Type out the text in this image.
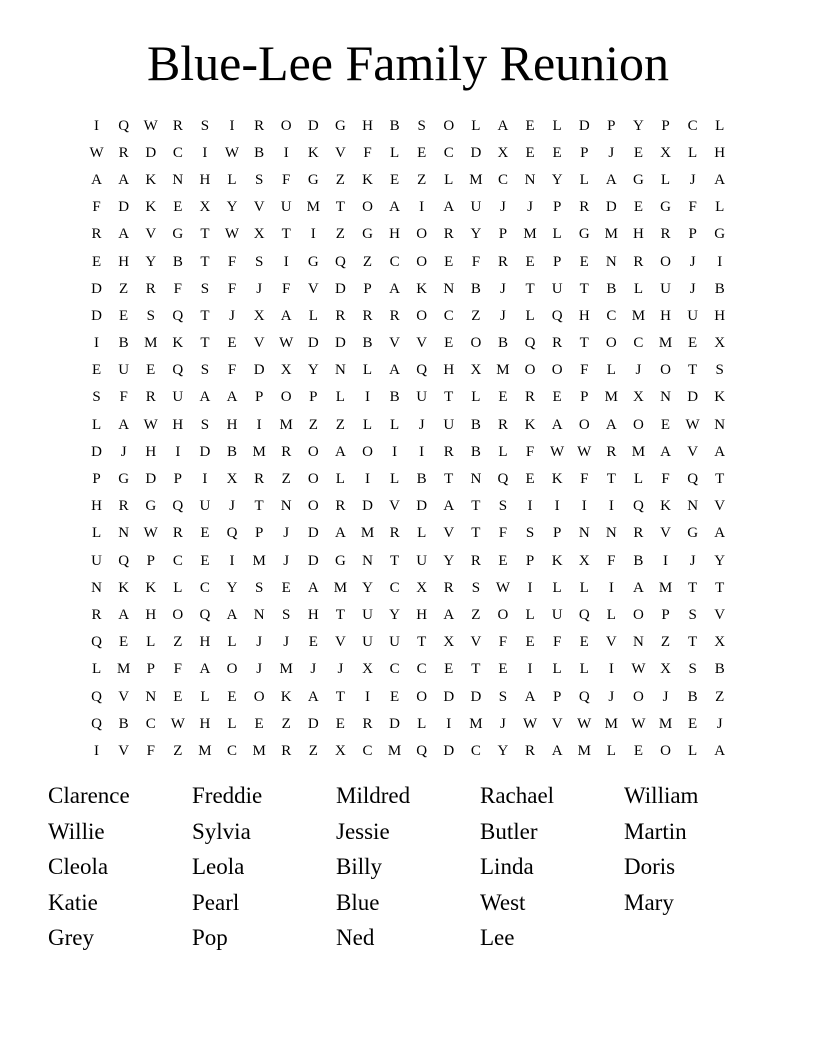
Blue-Lee Family Reunion
I	Q W	R	S	I	R	O	D	G	H	B	S	O	L	A	E	L	D	P	Y	P	C	L
W	R	D	C	I	W	B	I	K	V	F	L	E	C	D	X	E	E	P	J	E	X	L	H
A	A	K	N	H	L	S	F	G	Z	K	E	Z	L	M	C	N	Y	L	A	G	L	J	A
F	D	K	E	X	Y	V	U	M	T	O	A	I	A	U	J	J	P	R	D	E	G	F	L
R	A	V	G	T	W X	T	I	Z	G	H	O	R	Y	P	M	L	G	M	H	R	P	G
E	H	Y	B	T	F	S	I	G	Q	Z	C	O	E	F	R	E	P	E	N	R	O	J	I
D	Z	R	F	S	F	J	F	V	D	P	A	K	N	B	J	T	U	T	B	L	U	J	B
D	E	S	Q	T	J	X	A	L	R	R	R	O	C	Z	J	L	Q	H	C	M	H	U	H
I	B	M	K	T	E	V W D	D	B	V	V	E	O	B	Q	R	T	O	C	M	E	X
E	U	E	Q	S	F	D	X	Y	N	L	A	Q	H	X	M	O	O	F	L	J	O	T	S
S	F	R	U	A	A	P	O	P	L	I	B	U	T	L	E	R	E	P	M	X	N	D	K
L	A W H	S	H	I	M	Z	Z	L	L	J	U	B	R	K	A	O	A	O	E	W N
D	J	H	I	D	B	M	R	O	A	O	I	I	R	B	L	F	W W	R	M	A	V	A
P	G	D	P	I	X	R	Z	O	L	I	L	B	T	N	Q	E	K	F	T	L	F	Q	T
H	R	G	Q	U	J	T	N	O	R	D	V	D	A	T	S	I	I	I	I	Q	K	N	V
L	N W	R	E	Q	P	J	D	A	M	R	L	V	T	F	S	P	N	N	R	V	G	A
U	Q	P	C	E	I	M	J	D	G	N	T	U	Y	R	E	P	K	X	F	B	I	J	Y
N	K	K	L	C	Y	S	E	A	M	Y	C	X	R	S	W	I	L	L	I	A	M	T	T
R	A	H	O	Q	A	N	S	H	T	U	Y	H	A	Z	O	L	U	Q	L	O	P	S	V
Q	E	L	Z	H	L	J	J	E	V	U	U	T	X	V	F	E	F	E	V	N	Z	T	X
L	M	P	F	A	O	J	M	J	J	X	C	C	E	T	E	I	L	L	I	W X	S	B
Q	V	N	E	L	E	O	K	A	T	I	E	O	D	D	S	A	P	Q	J	O	J	B	Z
Q	B	C	W H	L	E	Z	D	E	R	D	L	I	M	J	W V W M W M	E	J
I	V	F	Z	M	C	M	R	Z	X	C	M	Q	D	C	Y	R	A	M	L	E	O	L	A
Clarence	Freddie	Mildred	Rachael	William
Willie	Sylvia	Jessie	Butler	Martin
Cleola	Leola	Billy	Linda	Doris
Katie	Pearl	Blue	West	Mary
Grey	Pop	Ned	Lee
